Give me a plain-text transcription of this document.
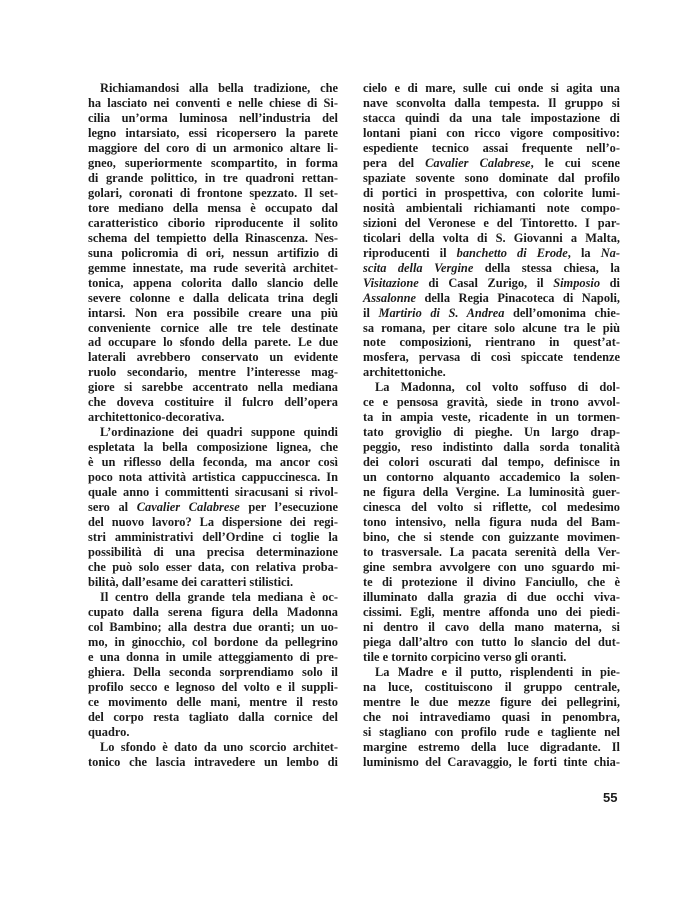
Richiamandosi alla bella tradizione, che
ha lasciato nei conventi e nelle chiese di Si-
cilia un’orma luminosa nell’industria del
legno intarsiato, essi ricopersero la parete
maggiore del coro di un armonico altare li-
gneo, superiormente scompartito, in forma
di grande polittico, in tre quadroni rettan-
golari, coronati di frontone spezzato. Il set-
tore mediano della mensa è occupato dal
caratteristico ciborio riproducente il solito
schema del tempietto della Rinascenza. Nes-
suna policromia di ori, nessun artifizio di
gemme innestate, ma rude severità architet-
tonica, appena colorita dallo slancio delle
severe colonne e dalla delicata trina degli
intarsi. Non era possibile creare una più
conveniente cornice alle tre tele destinate
ad occupare lo sfondo della parete. Le due
laterali avrebbero conservato un evidente
ruolo secondario, mentre l’interesse mag-
giore si sarebbe accentrato nella mediana
che doveva costituire il fulcro dell’opera
architettonico-decorativa.
L’ordinazione dei quadri suppone quindi
espletata la bella composizione lignea, che
è un riflesso della feconda, ma ancor così
poco nota attività artistica cappuccinesca. In
quale anno i committenti siracusani si rivol-
sero al Cavalier Calabrese per l’esecuzione
del nuovo lavoro? La dispersione dei regi-
stri amministrativi dell’Ordine ci toglie la
possibilità di una precisa determinazione
che può solo esser data, con relativa proba-
bilità, dall’esame dei caratteri stilistici.
Il centro della grande tela mediana è oc-
cupato dalla serena figura della Madonna
col Bambino; alla destra due oranti; un uo-
mo, in ginocchio, col bordone da pellegrino
e una donna in umile atteggiamento di pre-
ghiera. Della seconda sorprendiamo solo il
profilo secco e legnoso del volto e il suppli-
ce movimento delle mani, mentre il resto
del corpo resta tagliato dalla cornice del
quadro.
Lo sfondo è dato da uno scorcio architet-
tonico che lascia intravedere un lembo di
cielo e di mare, sulle cui onde si agita una
nave sconvolta dalla tempesta. Il gruppo si
stacca quindi da una tale impostazione di
lontani piani con ricco vigore compositivo:
espediente tecnico assai frequente nell’o-
pera del Cavalier Calabrese, le cui scene
spaziate sovente sono dominate dal profilo
di portici in prospettiva, con colorite lumi-
nosità ambientali richiamanti note compo-
sizioni del Veronese e del Tintoretto. I par-
ticolari della volta di S. Giovanni a Malta,
riproducenti il banchetto di Erode, la Na-
scita della Vergine della stessa chiesa, la
Visitazione di Casal Zurigo, il Simposio di
Assalonne della Regia Pinacoteca di Napoli,
il Martirio di S. Andrea dell’omonima chie-
sa romana, per citare solo alcune tra le più
note composizioni, rientrano in quest’at-
mosfera, pervasa di così spiccate tendenze
architettoniche.
La Madonna, col volto soffuso di dol-
ce e pensosa gravità, siede in trono avvol-
ta in ampia veste, ricadente in un tormen-
tato groviglio di pieghe. Un largo drap-
peggio, reso indistinto dalla sorda tonalità
dei colori oscurati dal tempo, definisce in
un contorno alquanto accademico la solen-
ne figura della Vergine. La luminosità guer-
cinesca del volto si riflette, col medesimo
tono intensivo, nella figura nuda del Bam-
bino, che si stende con guizzante movimen-
to trasversale. La pacata serenità della Ver-
gine sembra avvolgere con uno sguardo mi-
te di protezione il divino Fanciullo, che è
illuminato dalla grazia di due occhi viva-
cissimi. Egli, mentre affonda uno dei piedi-
ni dentro il cavo della mano materna, si
piega dall’altro con tutto lo slancio del dut-
tile e tornito corpicino verso gli oranti.
La Madre e il putto, risplendenti in pie-
na luce, costituiscono il gruppo centrale,
mentre le due mezze figure dei pellegrini,
che noi intravediamo quasi in penombra,
si stagliano con profilo rude e tagliente nel
margine estremo della luce digradante. Il
luminismo del Caravaggio, le forti tinte chia-
55
